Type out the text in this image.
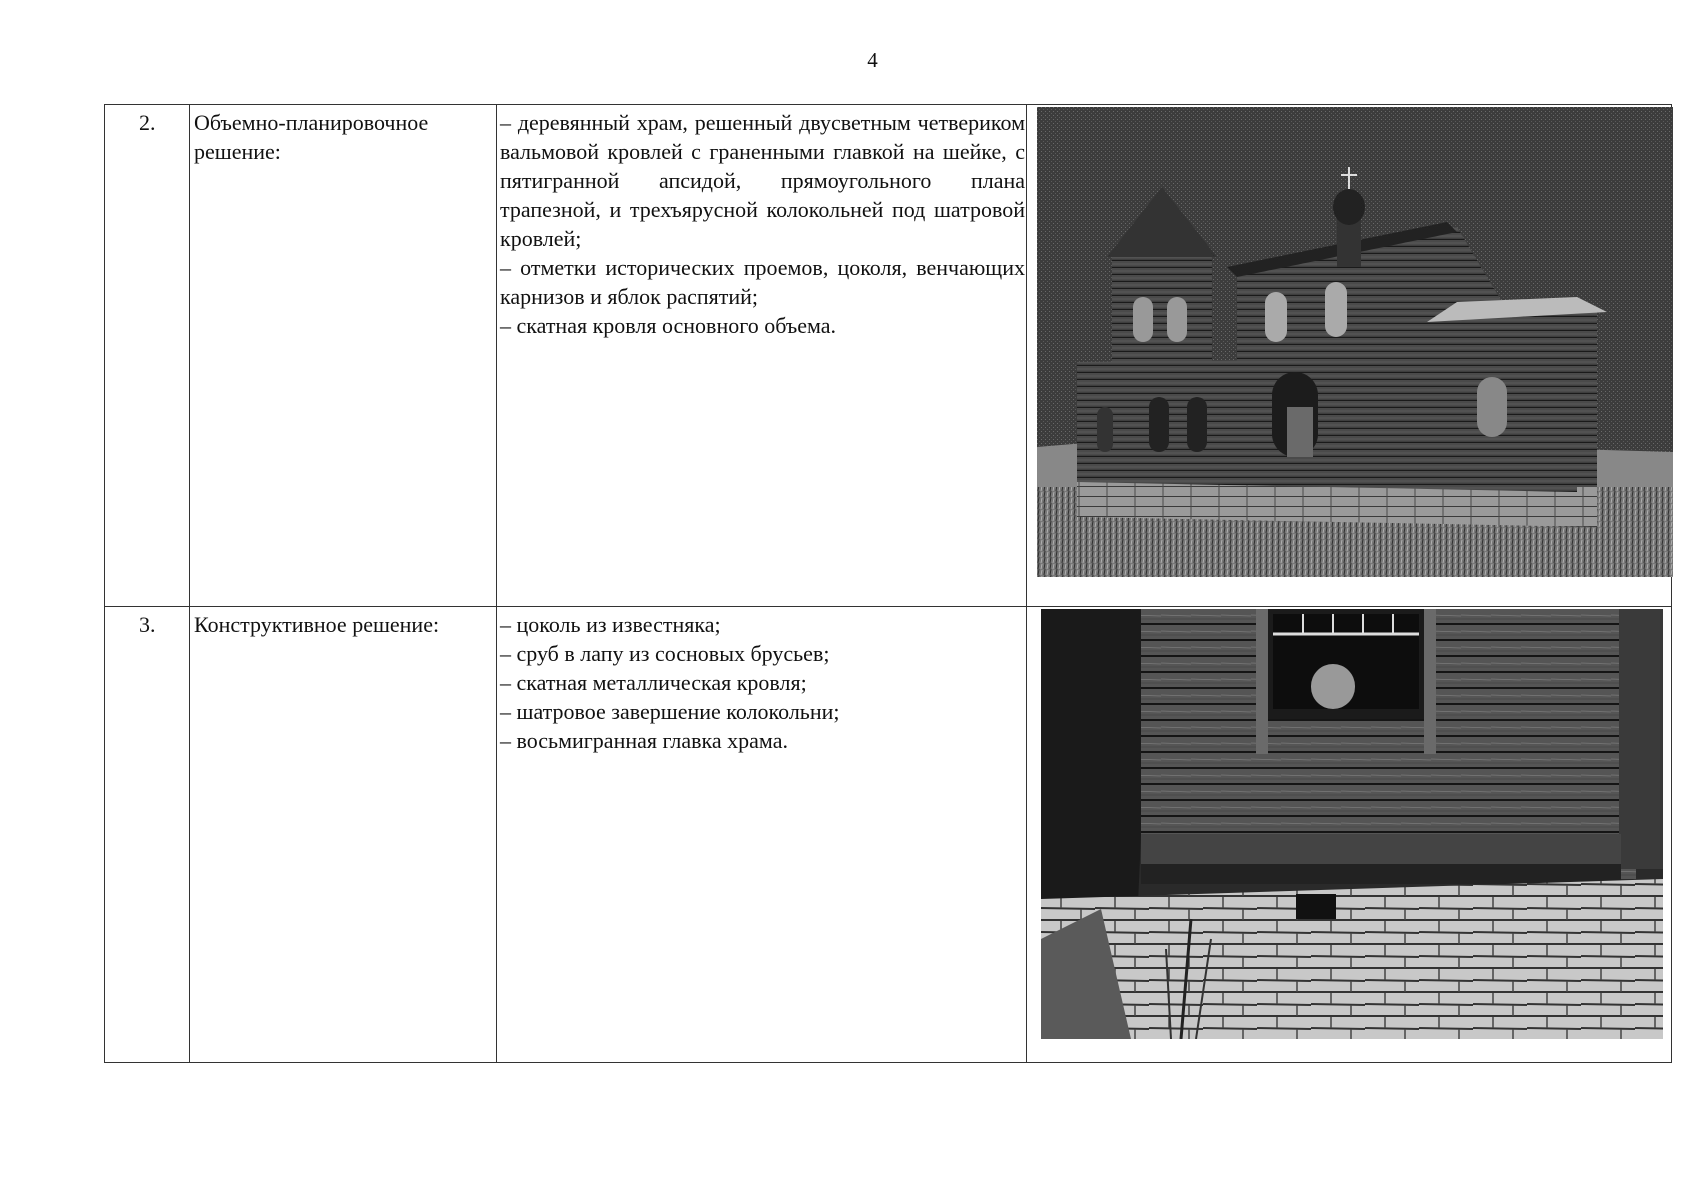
4
2.	Объемно-планировочное решение:	– деревянный храм, решенный двусветным четвериком вальмовой кровлей с граненными главкой на шейке, с пятигранной апсидой, прямоугольного плана трапезной, и трехъярусной колокольней под шатровой кровлей;

– отметки исторических проемов, цоколя, венчающих карнизов и яблок распятий;

– скатная кровля основного объема.

3.	Конструктивное решение:	– цоколь из известняка;

– сруб в лапу из сосновых брусьев;

– скатная металлическая кровля;

– шатровое завершение колокольни;

– восьмигранная главка храма.
